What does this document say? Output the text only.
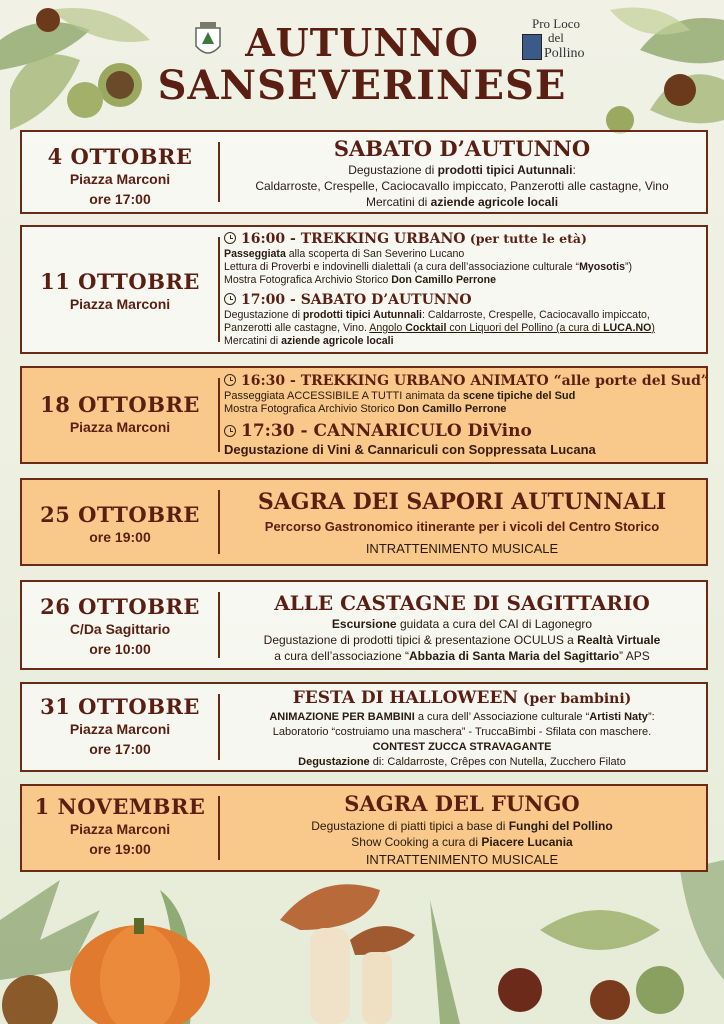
AUTUNNO
SANSEVERINESE
Pro Loco
del
Pollino
4 OTTOBRE
Piazza Marconi
ore 17:00
SABATO D’AUTUNNO
Degustazione di prodotti tipici Autunnali:
Caldarroste, Crespelle, Caciocavallo impiccato, Panzerotti alle castagne, Vino
Mercatini di aziende agricole locali
11 OTTOBRE
Piazza Marconi
16:00 - TREKKING URBANO (per tutte le età)
Passeggiata alla scoperta di San Severino Lucano
Lettura di Proverbi e indovinelli dialettali (a cura dell’associazione culturale “Myosotis”)
Mostra Fotografica Archivio Storico Don Camillo Perrone
17:00 - SABATO D’AUTUNNO
Degustazione di prodotti tipici Autunnali: Caldarroste, Crespelle, Caciocavallo impiccato,
Panzerotti alle castagne, Vino. Angolo Cocktail con Liquori del Pollino (a cura di LUCA.NO)
Mercatini di aziende agricole locali
18 OTTOBRE
Piazza Marconi
16:30 - TREKKING URBANO ANIMATO “alle porte del Sud”
Passeggiata ACCESSIBILE A TUTTI animata da scene tipiche del Sud
Mostra Fotografica Archivio Storico Don Camillo Perrone
17:30 - CANNARICULO DiVino
Degustazione di Vini & Cannariculi con Soppressata Lucana
25 OTTOBRE
ore 19:00
SAGRA DEI SAPORI AUTUNNALI
Percorso Gastronomico itinerante per i vicoli del Centro Storico
INTRATTENIMENTO MUSICALE
26 OTTOBRE
C/Da Sagittario
ore 10:00
ALLE CASTAGNE DI SAGITTARIO
Escursione guidata a cura del CAI di Lagonegro
Degustazione di prodotti tipici & presentazione OCULUS a Realtà Virtuale
a cura dell’associazione “Abbazia di Santa Maria del Sagittario” APS
31 OTTOBRE
Piazza Marconi
ore 17:00
FESTA DI HALLOWEEN (per bambini)
ANIMAZIONE PER BAMBINI a cura dell’ Associazione culturale “Artisti Naty”:
Laboratorio “costruiamo una maschera” - TruccaBimbi - Sfilata con maschere.
CONTEST ZUCCA STRAVAGANTE
Degustazione di: Caldarroste, Crêpes con Nutella, Zucchero Filato
1 NOVEMBRE
Piazza Marconi
ore 19:00
SAGRA DEL FUNGO
Degustazione di piatti tipici a base di Funghi del Pollino
Show Cooking a cura di Piacere Lucania
INTRATTENIMENTO MUSICALE
